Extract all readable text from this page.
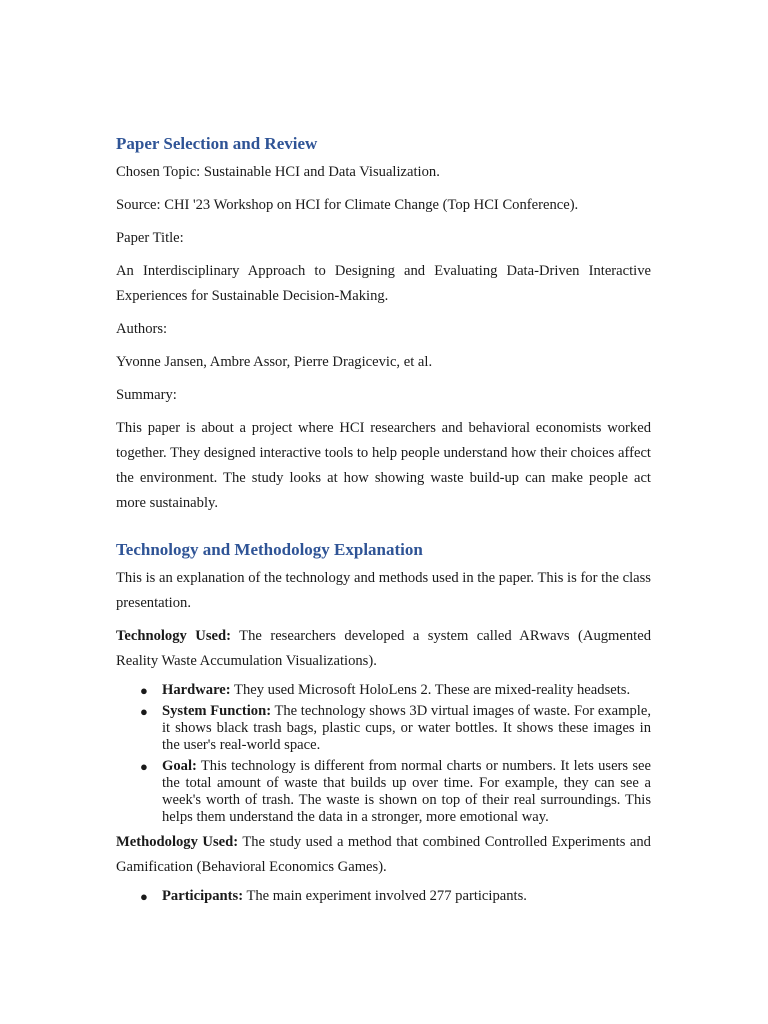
Paper Selection and Review

Chosen Topic: Sustainable HCI and Data Visualization.

Source: CHI '23 Workshop on HCI for Climate Change (Top HCI Conference).

Paper Title:

An Interdisciplinary Approach to Designing and Evaluating Data-Driven Interactive Experiences for Sustainable Decision-Making.

Authors:

Yvonne Jansen, Ambre Assor, Pierre Dragicevic, et al.

Summary:

This paper is about a project where HCI researchers and behavioral economists worked together. They designed interactive tools to help people understand how their choices affect the environment. The study looks at how showing waste build-up can make people act more sustainably.

Technology and Methodology Explanation

This is an explanation of the technology and methods used in the paper. This is for the class presentation.

Technology Used: The researchers developed a system called ARwavs (Augmented Reality Waste Accumulation Visualizations).

● Hardware: They used Microsoft HoloLens 2. These are mixed-reality headsets.
● System Function: The technology shows 3D virtual images of waste. For example, it shows black trash bags, plastic cups, or water bottles. It shows these images in the user's real-world space.
● Goal: This technology is different from normal charts or numbers. It lets users see the total amount of waste that builds up over time. For example, they can see a week's worth of trash. The waste is shown on top of their real surroundings. This helps them understand the data in a stronger, more emotional way.

Methodology Used: The study used a method that combined Controlled Experiments and Gamification (Behavioral Economics Games).

● Participants: The main experiment involved 277 participants.
